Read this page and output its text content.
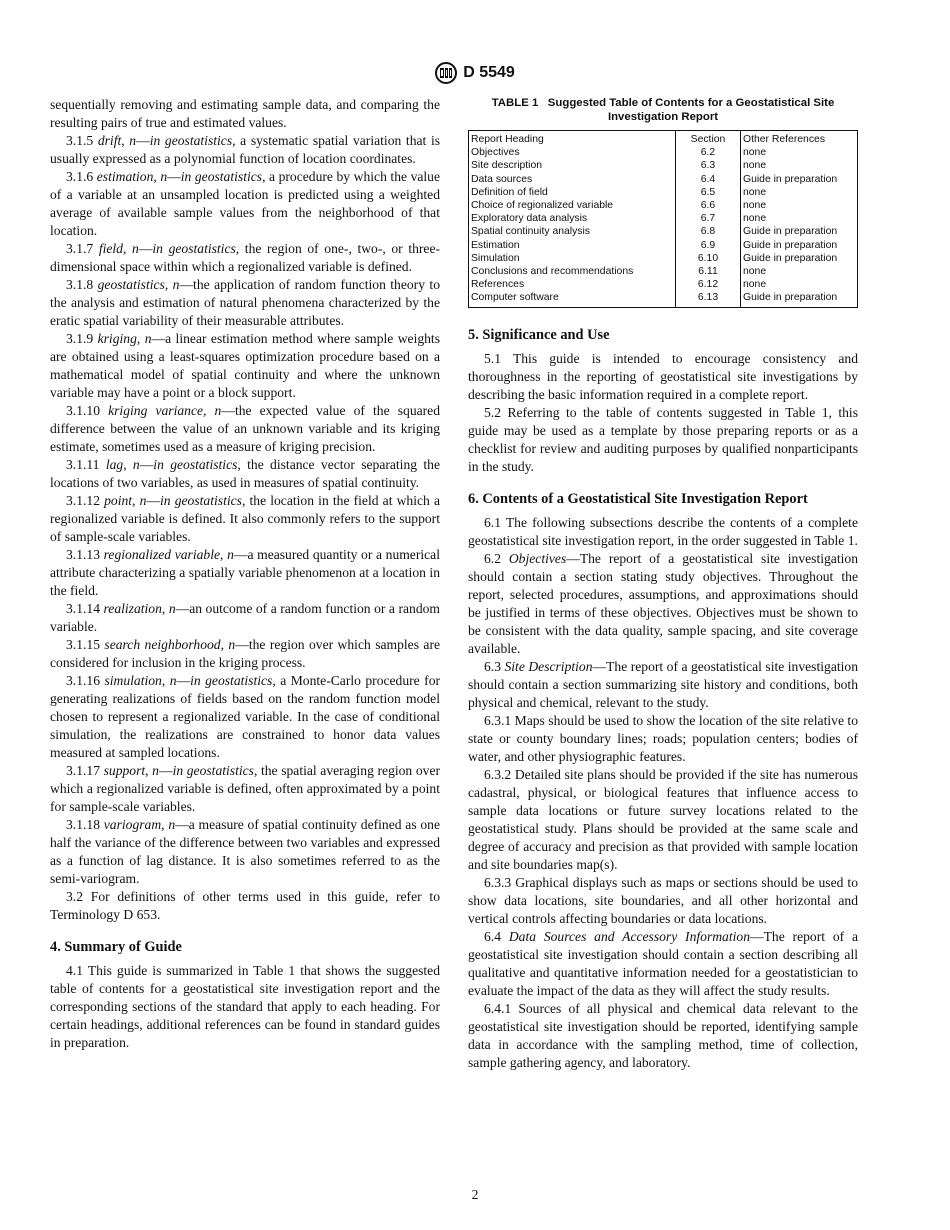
D 5549

sequentially removing and estimating sample data, and comparing the resulting pairs of true and estimated values.

3.1.5 drift, n—in geostatistics, a systematic spatial variation that is usually expressed as a polynomial function of location coordinates.

3.1.6 estimation, n—in geostatistics, a procedure by which the value of a variable at an unsampled location is predicted using a weighted average of available sample values from the neighborhood of that location.

3.1.7 field, n—in geostatistics, the region of one-, two-, or three-dimensional space within which a regionalized variable is defined.

3.1.8 geostatistics, n—the application of random function theory to the analysis and estimation of natural phenomena characterized by the eratic spatial variability of their measurable attributes.

3.1.9 kriging, n—a linear estimation method where sample weights are obtained using a least-squares optimization procedure based on a mathematical model of spatial continuity and where the unknown variable may have a point or a block support.

3.1.10 kriging variance, n—the expected value of the squared difference between the value of an unknown variable and its kriging estimate, sometimes used as a measure of kriging precision.

3.1.11 lag, n—in geostatistics, the distance vector separating the locations of two variables, as used in measures of spatial continuity.

3.1.12 point, n—in geostatistics, the location in the field at which a regionalized variable is defined. It also commonly refers to the support of sample-scale variables.

3.1.13 regionalized variable, n—a measured quantity or a numerical attribute characterizing a spatially variable phenomenon at a location in the field.

3.1.14 realization, n—an outcome of a random function or a random variable.

3.1.15 search neighborhood, n—the region over which samples are considered for inclusion in the kriging process.

3.1.16 simulation, n—in geostatistics, a Monte-Carlo procedure for generating realizations of fields based on the random function model chosen to represent a regionalized variable. In the case of conditional simulation, the realizations are constrained to honor data values measured at sampled locations.

3.1.17 support, n—in geostatistics, the spatial averaging region over which a regionalized variable is defined, often approximated by a point for sample-scale variables.

3.1.18 variogram, n—a measure of spatial continuity defined as one half the variance of the difference between two variables and expressed as a function of lag distance. It is also sometimes referred to as the semi-variogram.

3.2 For definitions of other terms used in this guide, refer to Terminology D 653.

4. Summary of Guide

4.1 This guide is summarized in Table 1 that shows the suggested table of contents for a geostatistical site investigation report and the corresponding sections of the standard that apply to each heading. For certain headings, additional references can be found in standard guides in preparation.

TABLE 1   Suggested Table of Contents for a Geostatistical Site
Investigation Report
Report Heading	Section	Other References
Objectives	6.2	none
Site description	6.3	none
Data sources	6.4	Guide in preparation
Definition of field	6.5	none
Choice of regionalized variable	6.6	none
Exploratory data analysis	6.7	none
Spatial continuity analysis	6.8	Guide in preparation
Estimation	6.9	Guide in preparation
Simulation	6.10	Guide in preparation
Conclusions and recommendations	6.11	none
References	6.12	none
Computer software	6.13	Guide in preparation
5. Significance and Use

5.1 This guide is intended to encourage consistency and thoroughness in the reporting of geostatistical site investigations by describing the basic information required in a complete report.

5.2 Referring to the table of contents suggested in Table 1, this guide may be used as a template by those preparing reports or as a checklist for review and auditing purposes by qualified nonparticipants in the study.

6. Contents of a Geostatistical Site Investigation Report

6.1 The following subsections describe the contents of a complete geostatistical site investigation report, in the order suggested in Table 1.

6.2 Objectives—The report of a geostatistical site investigation should contain a section stating study objectives. Throughout the report, selected procedures, assumptions, and approximations should be justified in terms of these objectives. Objectives must be shown to be consistent with the data quality, sample spacing, and site coverage available.

6.3 Site Description—The report of a geostatistical site investigation should contain a section summarizing site history and conditions, both physical and chemical, relevant to the study.

6.3.1 Maps should be used to show the location of the site relative to state or county boundary lines; roads; population centers; bodies of water, and other physiographic features.

6.3.2 Detailed site plans should be provided if the site has numerous cadastral, physical, or biological features that influence access to sample data locations or future survey locations related to the geostatistical study. Plans should be provided at the same scale and degree of accuracy and precision as that provided with sample location and site boundaries map(s).

6.3.3 Graphical displays such as maps or sections should be used to show data locations, site boundaries, and all other horizontal and vertical controls affecting boundaries or data locations.

6.4 Data Sources and Accessory Information—The report of a geostatistical site investigation should contain a section describing all qualitative and quantitative information needed for a geostatistician to evaluate the impact of the data as they will affect the study results.

6.4.1 Sources of all physical and chemical data relevant to the geostatistical site investigation should be reported, identifying sample data in accordance with the sampling method, time of collection, sample gathering agency, and laboratory.

2
